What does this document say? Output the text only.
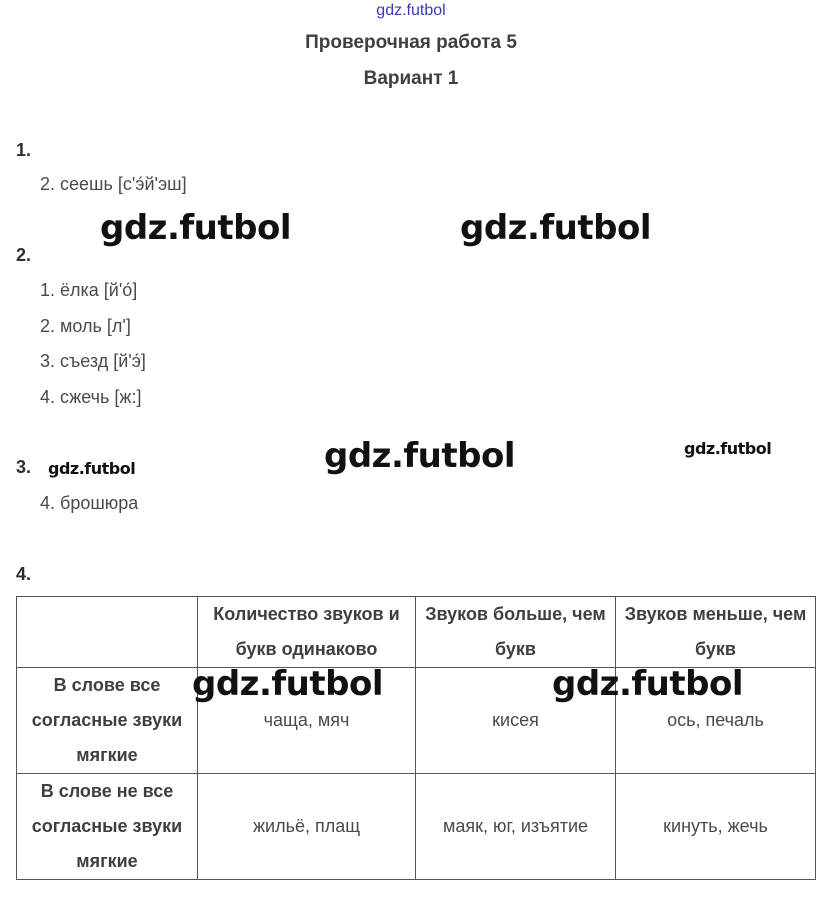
gdz.futbol
Проверочная работа 5
Вариант 1
1.
2. сеешь [с'э́й'эш]
2.
1. ёлка [й'о́]
2. моль [л']
3. съезд [й'э́]
4. сжечь [ж:]
3.
4. брошюра
4.
	Количество звуков и букв одинаково	Звуков больше, чем букв	Звуков меньше, чем букв
В слове все согласные звуки мягкие	чаща, мяч	кисея	ось, печаль
В слове не все согласные звуки мягкие	жильё, плащ	маяк, юг, изъятие	кинуть, жечь
gdz.futbol	gdz.futbol
gdz.futbol
gdz.futbol
gdz.futbol
gdz.futbol	gdz.futbol
